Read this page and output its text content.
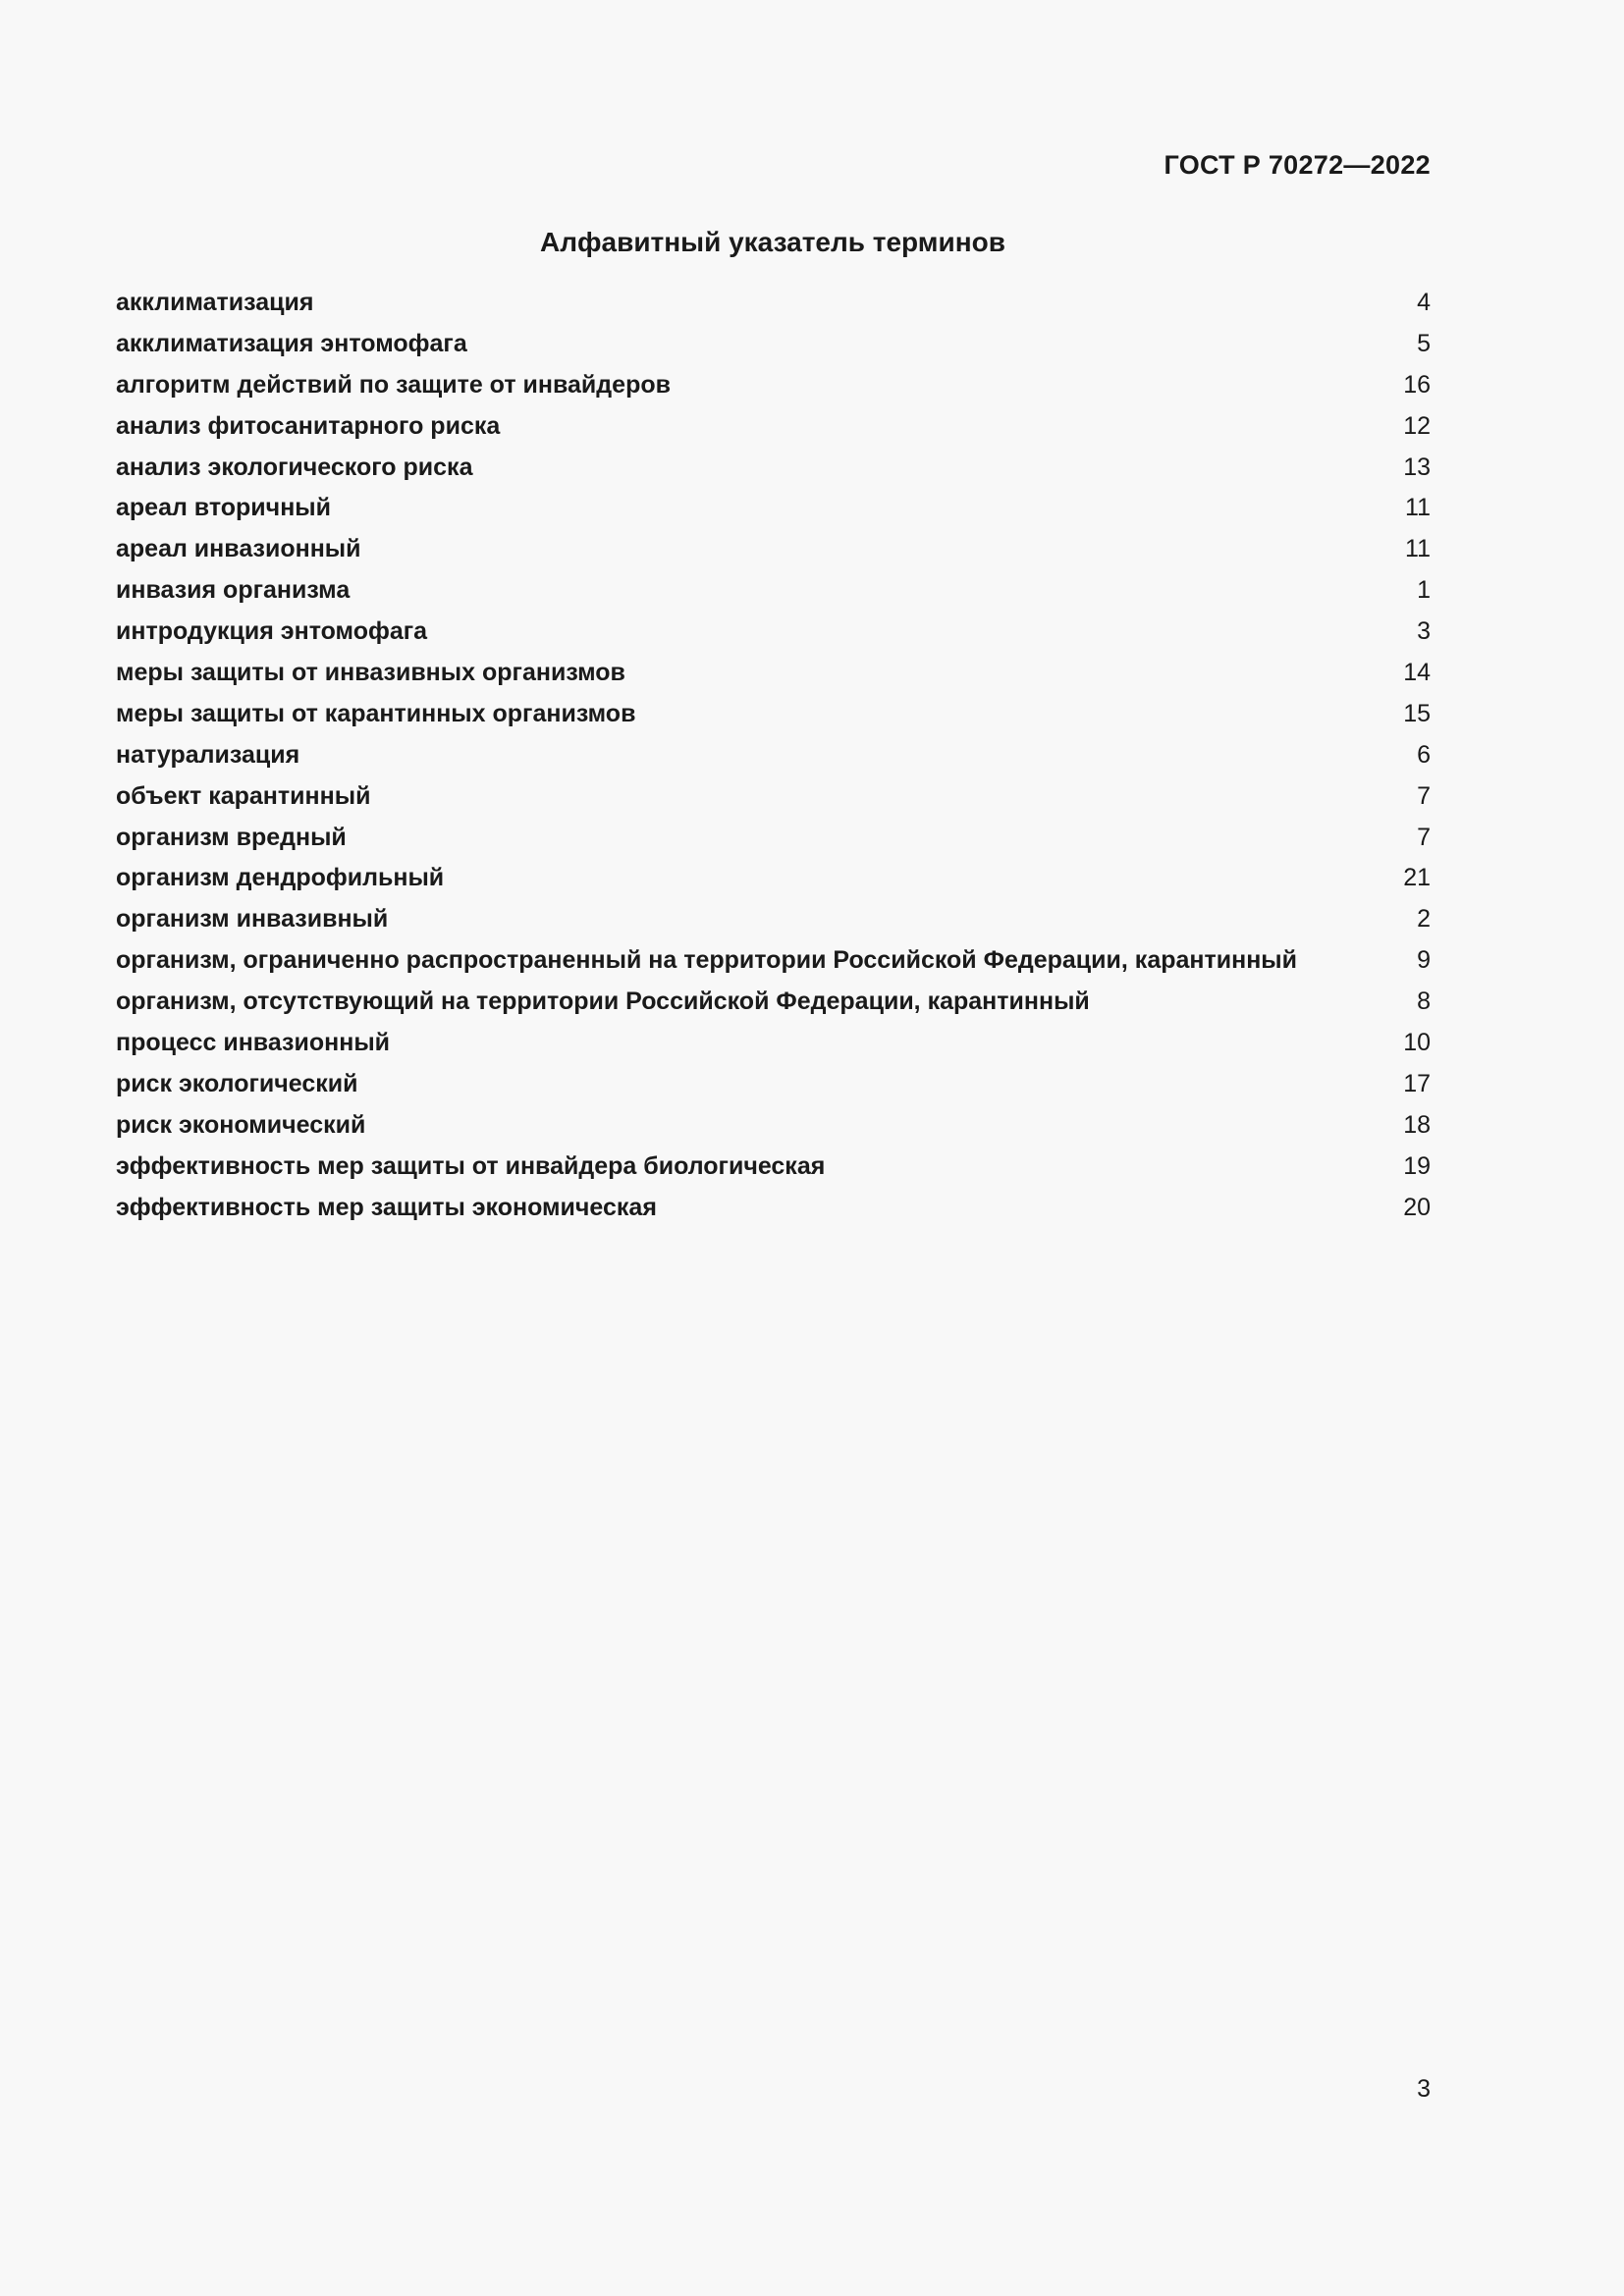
ГОСТ Р 70272—2022
Алфавитный указатель терминов
акклиматизация	4
акклиматизация энтомофага	5
алгоритм действий по защите от инвайдеров	16
анализ фитосанитарного риска	12
анализ экологического риска	13
ареал вторичный	11
ареал инвазионный	11
инвазия организма	1
интродукция энтомофага	3
меры защиты от инвазивных организмов	14
меры защиты от карантинных организмов	15
натурализация	6
объект карантинный	7
организм вредный	7
организм дендрофильный	21
организм инвазивный	2
организм, ограниченно распространенный на территории Российской Федерации, карантинный	9
организм, отсутствующий на территории Российской Федерации, карантинный	8
процесс инвазионный	10
риск экологический	17
риск экономический	18
эффективность мер защиты от инвайдера биологическая	19
эффективность мер защиты экономическая	20
3
